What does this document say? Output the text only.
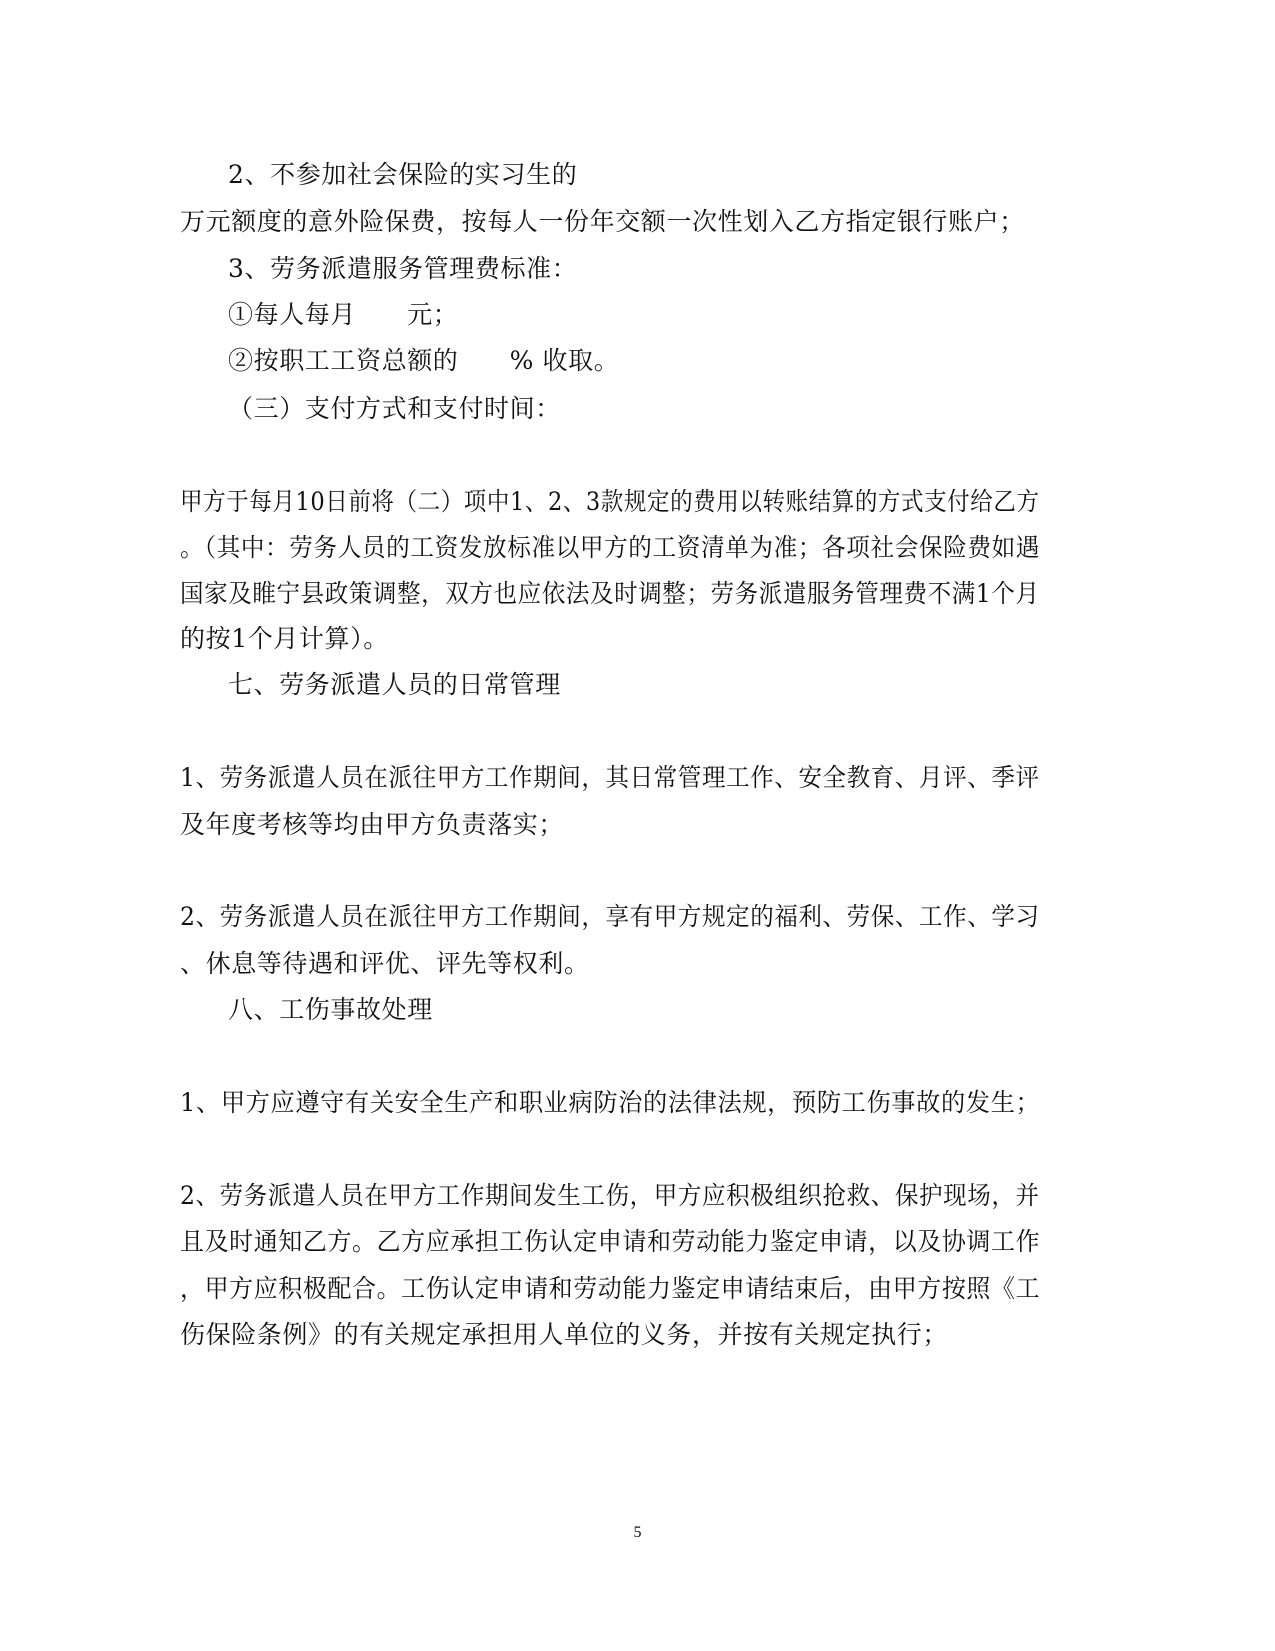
2、不参加社会保险的实习生的
万元额度的意外险保费，按每人一份年交额一次性划入乙方指定银行账户；
3、劳务派遣服务管理费标准：
①每人每月　　元；
②按职工工资总额的　　% 收取。
（三）支付方式和支付时间：
甲方于每月10日前将（二）项中1、2、3款规定的费用以转账结算的方式支付给乙方
。（其中：劳务人员的工资发放标准以甲方的工资清单为准；各项社会保险费如遇
国家及睢宁县政策调整，双方也应依法及时调整；劳务派遣服务管理费不满1个月
的按1个月计算）。
七、劳务派遣人员的日常管理
1、劳务派遣人员在派往甲方工作期间，其日常管理工作、安全教育、月评、季评
及年度考核等均由甲方负责落实；
2、劳务派遣人员在派往甲方工作期间，享有甲方规定的福利、劳保、工作、学习
、休息等待遇和评优、评先等权利。
八、工伤事故处理
1、甲方应遵守有关安全生产和职业病防治的法律法规，预防工伤事故的发生；
2、劳务派遣人员在甲方工作期间发生工伤，甲方应积极组织抢救、保护现场，并
且及时通知乙方。乙方应承担工伤认定申请和劳动能力鉴定申请，以及协调工作
，甲方应积极配合。工伤认定申请和劳动能力鉴定申请结束后，由甲方按照《工
伤保险条例》的有关规定承担用人单位的义务，并按有关规定执行；
5
